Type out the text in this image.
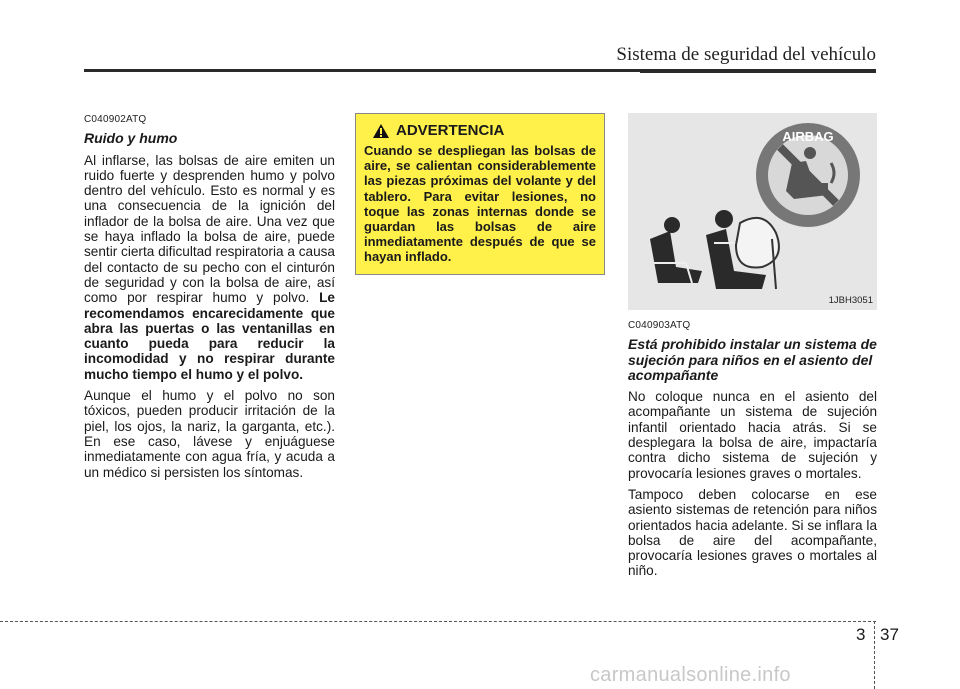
Sistema de seguridad del vehículo
C040902ATQ
Ruido y humo

Al inflarse, las bolsas de aire emiten un ruido fuerte y desprenden humo y polvo dentro del vehículo. Esto es normal y es una consecuencia de la ignición del inflador de la bolsa de aire. Una vez que se haya inflado la bolsa de aire, puede sentir cierta dificultad respiratoria a causa del contacto de su pecho con el cinturón de seguridad y con la bolsa de aire, así como por respirar humo y polvo. Le recomendamos encarecidamente que abra las puertas o las ventanillas en cuanto pueda para reducir la incomodidad y no respirar durante mucho tiempo el humo y el polvo.

Aunque el humo y el polvo no son tóxicos, pueden producir irritación de la piel, los ojos, la nariz, la garganta, etc.). En ese caso, lávese y enjuáguese inmediatamente con agua fría, y acuda a un médico si persisten los síntomas.

ADVERTENCIA
Cuando se despliegan las bolsas de aire, se calientan considerablemente las piezas próximas del volante y del tablero. Para evitar lesiones, no toque las zonas internas donde se guardan las bolsas de aire inmediatamente después de que se hayan inflado.
AIRBAG
1JBH3051
C040903ATQ
Está prohibido instalar un sistema de sujeción para niños en el asiento del acompañante

No coloque nunca en el asiento del acompañante un sistema de sujeción infantil orientado hacia atrás. Si se desplegara la bolsa de aire, impactaría contra dicho sistema de sujeción y provocaría lesiones graves o mortales.

Tampoco deben colocarse en ese asiento sistemas de retención para niños orientados hacia adelante. Si se inflara la bolsa de aire del acompañante, provocaría lesiones graves o mortales al niño.

3 37
carmanualsonline.info
